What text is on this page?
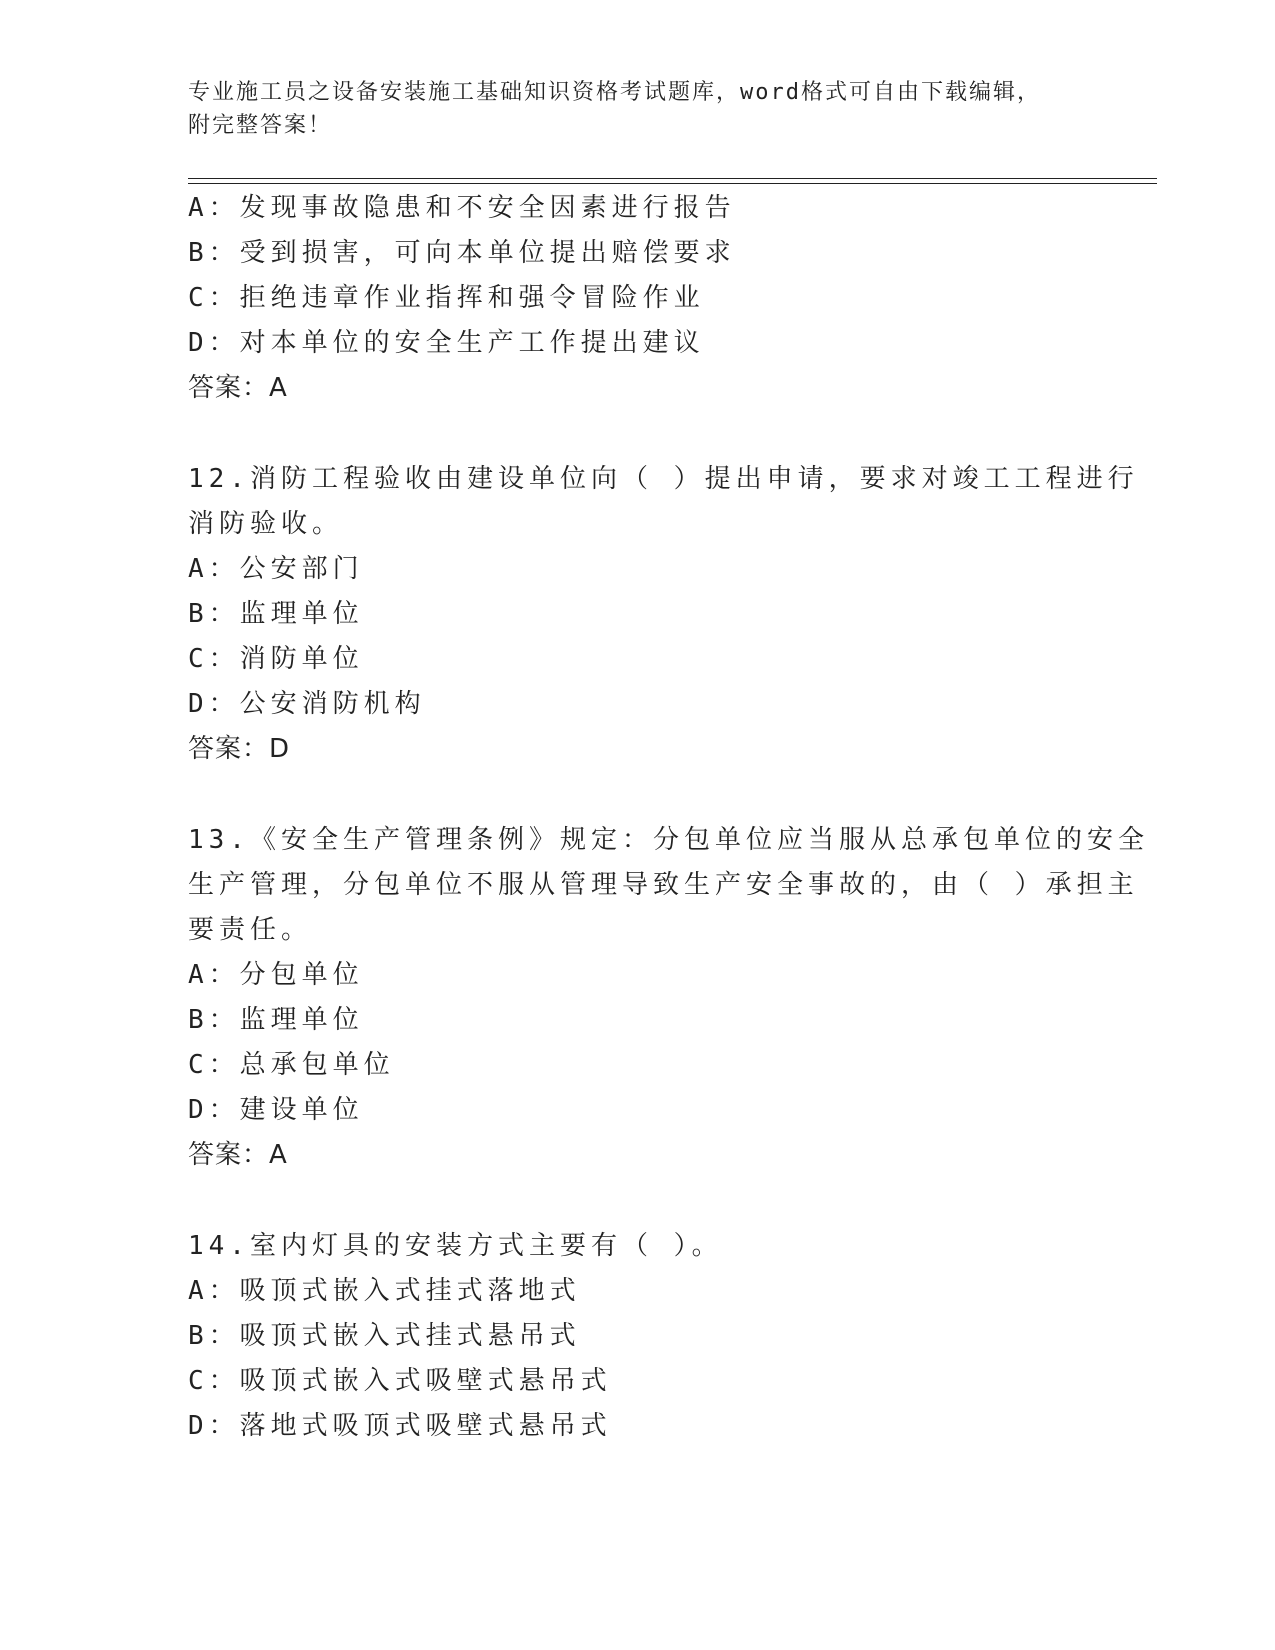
专业施工员之设备安装施工基础知识资格考试题库，word格式可自由下载编辑，
附完整答案！
A：发现事故隐患和不安全因素进行报告
B：受到损害，可向本单位提出赔偿要求
C：拒绝违章作业指挥和强令冒险作业
D：对本单位的安全生产工作提出建议
答案：A
12.消防工程验收由建设单位向（ ）提出申请，要求对竣工工程进行
消防验收。
A：公安部门
B：监理单位
C：消防单位
D：公安消防机构
答案：D
13.《安全生产管理条例》规定：分包单位应当服从总承包单位的安全
生产管理，分包单位不服从管理导致生产安全事故的，由（ ）承担主
要责任。
A：分包单位
B：监理单位
C：总承包单位
D：建设单位
答案：A
14.室内灯具的安装方式主要有（ ）。
A：吸顶式嵌入式挂式落地式
B：吸顶式嵌入式挂式悬吊式
C：吸顶式嵌入式吸壁式悬吊式
D：落地式吸顶式吸壁式悬吊式
